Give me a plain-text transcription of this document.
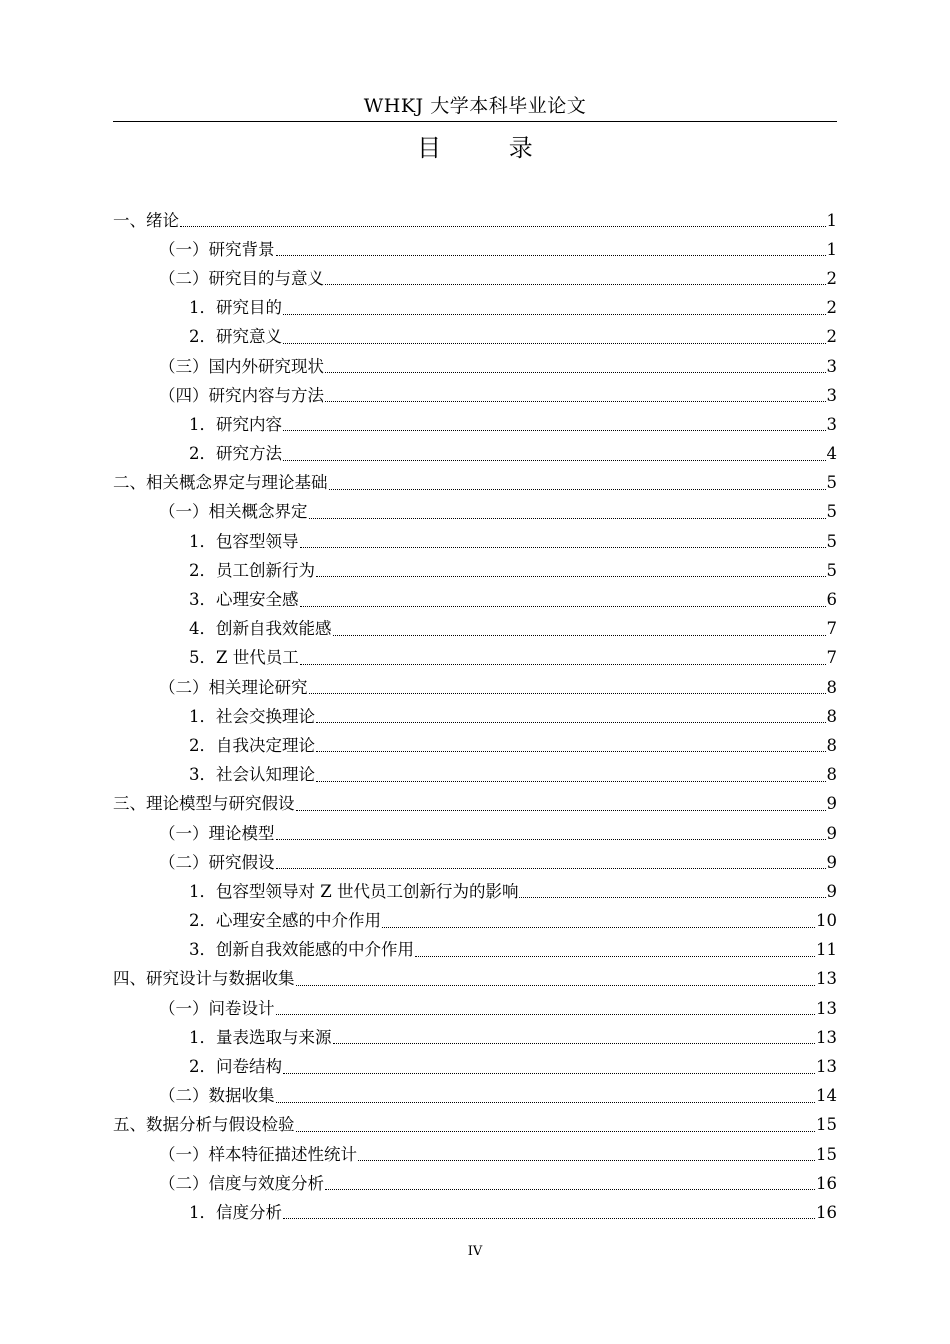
WHKJ 大学本科毕业论文
目 录
一、绪论	1
（一）研究背景	1
（二）研究目的与意义	2
1．研究目的	2
2．研究意义	2
（三）国内外研究现状	3
（四）研究内容与方法	3
1．研究内容	3
2．研究方法	4
二、相关概念界定与理论基础	5
（一）相关概念界定	5
1．包容型领导	5
2．员工创新行为	5
3．心理安全感	6
4．创新自我效能感	7
5．Z 世代员工	7
（二）相关理论研究	8
1．社会交换理论	8
2．自我决定理论	8
3．社会认知理论	8
三、理论模型与研究假设	9
（一）理论模型	9
（二）研究假设	9
1．包容型领导对 Z 世代员工创新行为的影响	9
2．心理安全感的中介作用	10
3．创新自我效能感的中介作用	11
四、研究设计与数据收集	13
（一）问卷设计	13
1．量表选取与来源	13
2．问卷结构	13
（二）数据收集	14
五、数据分析与假设检验	15
（一）样本特征描述性统计	15
（二）信度与效度分析	16
1．信度分析	16
IV
